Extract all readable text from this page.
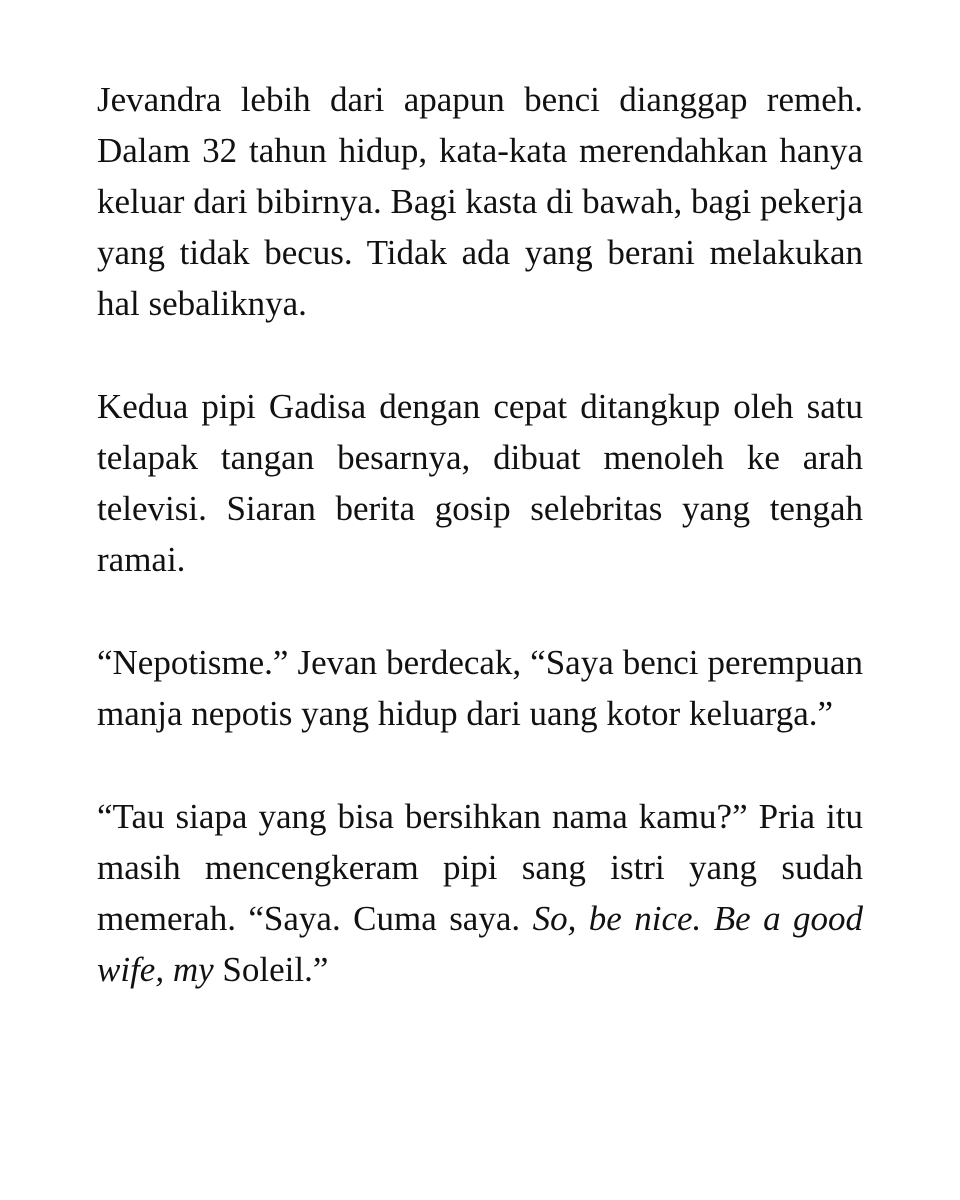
Jevandra lebih dari apapun benci dianggap remeh. Dalam 32 tahun hidup, kata-kata merendahkan hanya keluar dari bibirnya. Bagi kasta di bawah, bagi pekerja yang tidak becus. Tidak ada yang berani melakukan hal sebaliknya.

Kedua pipi Gadisa dengan cepat ditangkup oleh satu telapak tangan besarnya, dibuat menoleh ke arah televisi. Siaran berita gosip selebritas yang tengah ramai.

“Nepotisme.” Jevan berdecak, “Saya benci perempuan manja nepotis yang hidup dari uang kotor keluarga.”

“Tau siapa yang bisa bersihkan nama kamu?” Pria itu masih mencengkeram pipi sang istri yang sudah memerah. “Saya. Cuma saya. So, be nice. Be a good wife, my Soleil.”
